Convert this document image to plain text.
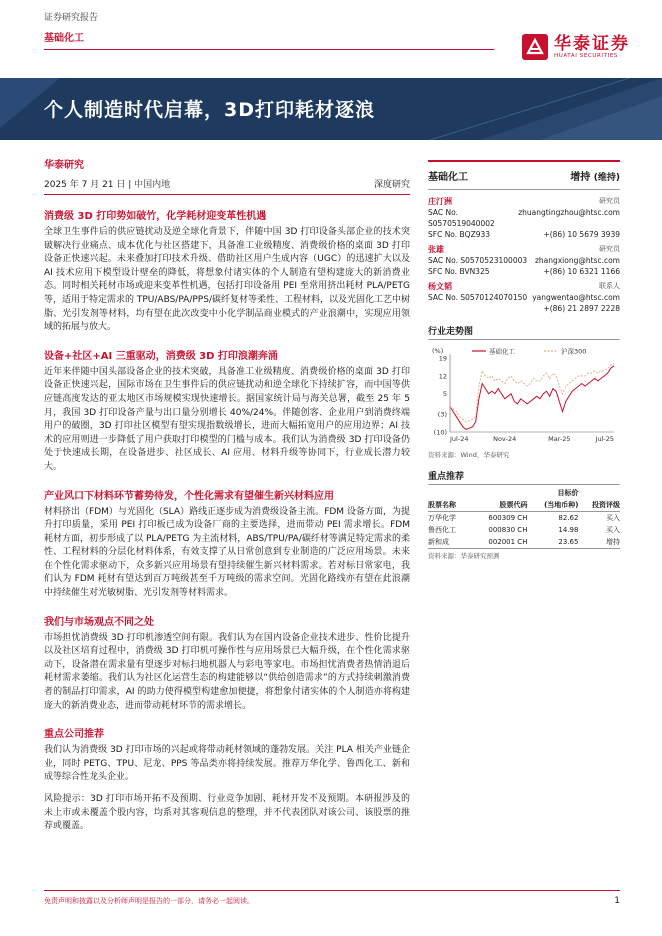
证券研究报告
基础化工	华泰证券
HUATAI SECURITIES
个人制造时代启幕，3D打印耗材逐浪
华泰研究
2025 年 7 月 21 日 | 中国内地	深度研究
消费级 3D 打印势如破竹，化学耗材迎变革性机遇
全球卫生事件后的供应链扰动及逆全球化背景下，伴随中国 3D 打印设备头部企业的技术突破解决行业痛点、成本优化与社区搭建下，具备准工业级精度、消费级价格的桌面 3D 打印设备正快速兴起。未来叠加打印技术升级、借助社区用户生成内容（UGC）的迅速扩大以及 AI 技术应用下模型设计壁垒的降低，将想象付诸实体的个人制造有望构建庞大的新消费业态。同时相关耗材市场或迎来变革性机遇，包括打印设备用 PEI 至常用挤出耗材 PLA/PETG 等，适用于特定需求的 TPU/ABS/PA/PPS/碳纤复材等柔性、工程材料，以及光固化工艺中树脂、光引发剂等材料，均有望在此次改变中小化学制品商业模式的产业浪潮中，实现应用领域的拓展与放大。
设备+社区+AI 三重驱动，消费级 3D 打印浪潮奔涌
近年来伴随中国头部设备企业的技术突破，具备准工业级精度、消费级价格的桌面 3D 打印设备正快速兴起，国际市场在卫生事件后的供应链扰动和逆全球化下持续扩容，而中国等供应链高度发达的亚太地区市场规模实现快速增长。据国家统计局与海关总署，截至 25 年 5 月，我国 3D 打印设备产量与出口量分别增长 40%/24%。伴随创客、企业用户到消费终端用户的破圈，3D 打印社区模型有望实现指数级增长，进而大幅拓宽用户的应用边界；AI 技术的应用则进一步降低了用户获取打印模型的门槛与成本。我们认为消费级 3D 打印设备仍处于快速成长期，在设备进步、社区成长、AI 应用、材料升级等协同下，行业成长潜力较大。
产业风口下材料环节蓄势待发，个性化需求有望催生新兴材料应用
材料挤出（FDM）与光固化（SLA）路线正逐步成为消费级设备主流。FDM 设备方面，为提升打印质量，采用 PEI 打印板已成为设备厂商的主要选择，进而带动 PEI 需求增长。FDM 耗材方面，初步形成了以 PLA/PETG 为主流材料，ABS/TPU/PA/碳纤材等满足特定需求的柔性、工程材料的分层化材料体系，有效支撑了从日常创意到专业制造的广泛应用场景。未来在个性化需求驱动下，众多新兴应用场景有望持续催生新兴材料需求。若对标日常家电，我们认为 FDM 耗材有望达到百万吨级甚至千万吨级的需求空间。光固化路线亦有望在此浪潮中持续催生对光敏树脂、光引发剂等材料需求。
我们与市场观点不同之处
市场担忧消费级 3D 打印机渗透空间有限。我们认为在国内设备企业技术进步、性价比提升以及社区培育过程中，消费级 3D 打印机可操作性与应用场景已大幅升级，在个性化需求驱动下，设备潜在需求量有望逐步对标扫地机器人与彩电等家电。市场担忧消费者热情消退后耗材需求萎缩。我们认为社区化运营生态的构建能够以“供给创造需求”的方式持续刺激消费者的制品打印需求，AI 的助力使得模型构建愈加便捷，将想象付诸实体的个人制造亦将构建庞大的新消费业态，进而带动耗材环节的需求增长。
重点公司推荐
我们认为消费级 3D 打印市场的兴起或将带动耗材领域的蓬勃发展。关注 PLA 相关产业链企业，同时 PETG、TPU、尼龙、PPS 等品类亦将持续发展。推荐万华化学、鲁西化工、新和成等综合性龙头企业。
风险提示：3D 打印市场开拓不及预期、行业竞争加剧、耗材开发不及预期。本研报涉及的未上市或未覆盖个股内容，均系对其客观信息的整理，并不代表团队对该公司、该股票的推荐或覆盖。
基础化工	增持 (维持)
庄汀洲	研究员
SAC No. S0570519040002
zhuangtingzhou@htsc.com
SFC No. BQZ933	+(86) 10 5679 3939
张雄	研究员
SAC No. S0570523100003 zhangxiong@htsc.com
SFC No. BVN325	+(86) 10 6321 1166
杨文韬	联系人
SAC No. S0570124070150 yangwentao@htsc.com
+(86) 21 2897 2228
行业走势图
(%)
19
12
5
(3)
(10)
Jul-24	Nov-24	Mar-25	Jul-25
基础化工	沪深300
资料来源：Wind，华泰研究
重点推荐
		目标价	
股票名称	股票代码	(当地币种)	投资评级
万华化学	600309 CH	82.62	买入
鲁西化工	000830 CH	14.98	买入
新和成	002001 CH	23.65	增持
资料来源：华泰研究预测
免责声明和披露以及分析师声明是报告的一部分，请务必一起阅读。	1
